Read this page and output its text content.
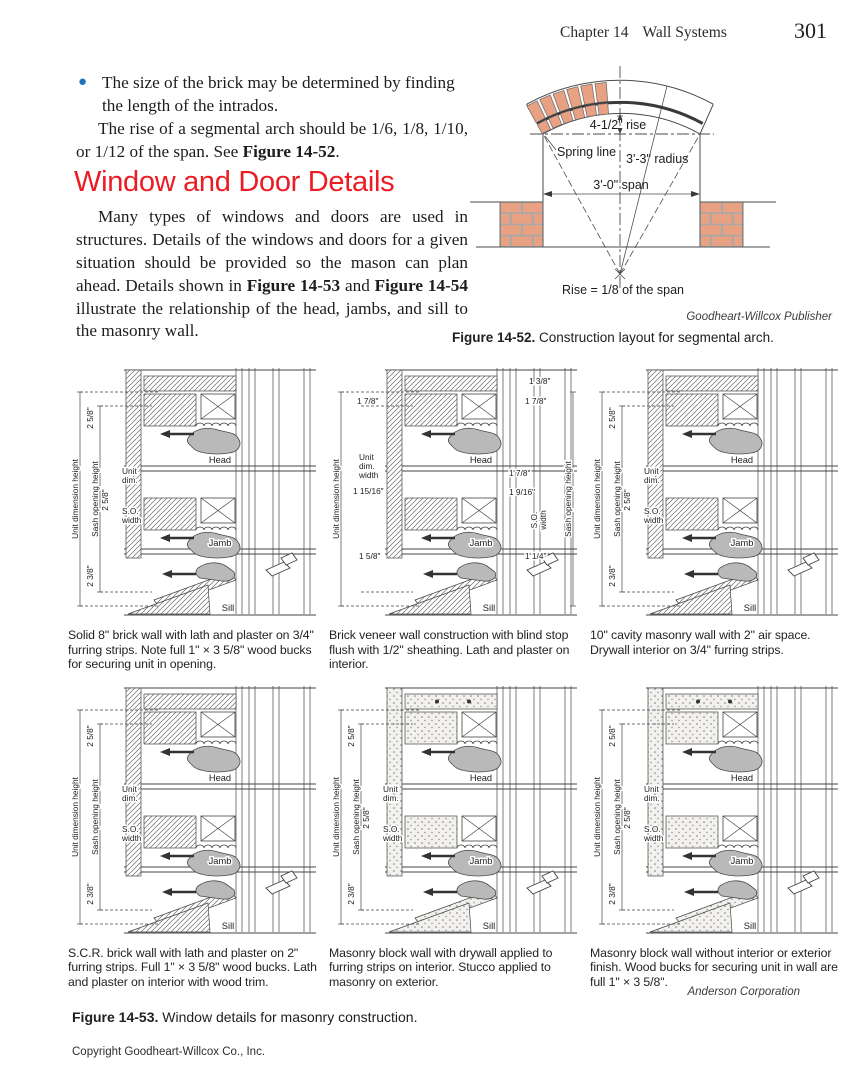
Chapter 14 Wall Systems	301
● The size of the brick may be determined by finding the length of the intrados.
The rise of a segmental arch should be 1/6, 1/8, 1/10, or 1/12 of the span. See Figure 14-52.
Window and Door Details
Many types of windows and doors are used in structures. Details of the windows and doors for a given situation should be provided so the mason can plan ahead. Details shown in Figure 14-53 and Figure 14-54 illustrate the relationship of the head, jambs, and sill to the masonry wall.
4-1/2" rise
Spring line 3'-3" radius
3'-0" span
Rise = 1/8 of the span
Goodheart-Willcox Publisher
Figure 14-52. Construction layout for segmental arch.
Unit dimension height Sash opening height
2 5/8"
2 5/8"
2 3/8"
Unit
dim.
S.O.
width
Head
Jamb
Sill
Solid 8" brick wall with lath and plaster on 3/4" furring strips. Note full 1" × 3 5/8" wood bucks for securing unit in opening.
Unit dimension height	Sash opening height
1 3/8"
1 7/8"	1 7/8"
1 15/16"
1 7/8"
1 9/16"
1 5/8"	1 1/4"
S.O. width
Unit
dim.
width
Head
Jamb
Sill
Brick veneer wall construction with blind stop flush with 1/2" sheathing. Lath and plaster on interior.
Unit dimension height Sash opening height
2 5/8"
2 5/8"
2 3/8"
Unit
dim.
S.O.
width
Head
Jamb
Sill
10" cavity masonry wall with 2" air space. Drywall interior on 3/4" furring strips.
Unit dimension height Sash opening height
2 5/8"
2 3/8"
Unit
dim.
S.O.
width
Head
Jamb
Sill
S.C.R. brick wall with lath and plaster on 2" furring strips. Full 1" × 3 5/8" wood bucks. Lath and plaster on interior with wood trim.
Unit dimension height Sash opening height
2 5/8"
2 5/8"
2 3/8"
Unit
dim.
S.O.
width
Head
Jamb
Sill
Masonry block wall with drywall applied to furring strips on interior. Stucco applied to masonry on exterior.
Unit dimension height Sash opening height
2 5/8"
2 5/8"
2 3/8"
Unit
dim.
S.O.
width
Head
Jamb
Sill
Masonry block wall without interior or exterior finish. Wood bucks for securing unit in wall are full 1" × 3 5/8".
Anderson Corporation
Figure 14-53. Window details for masonry construction.
Copyright Goodheart-Willcox Co., Inc.
